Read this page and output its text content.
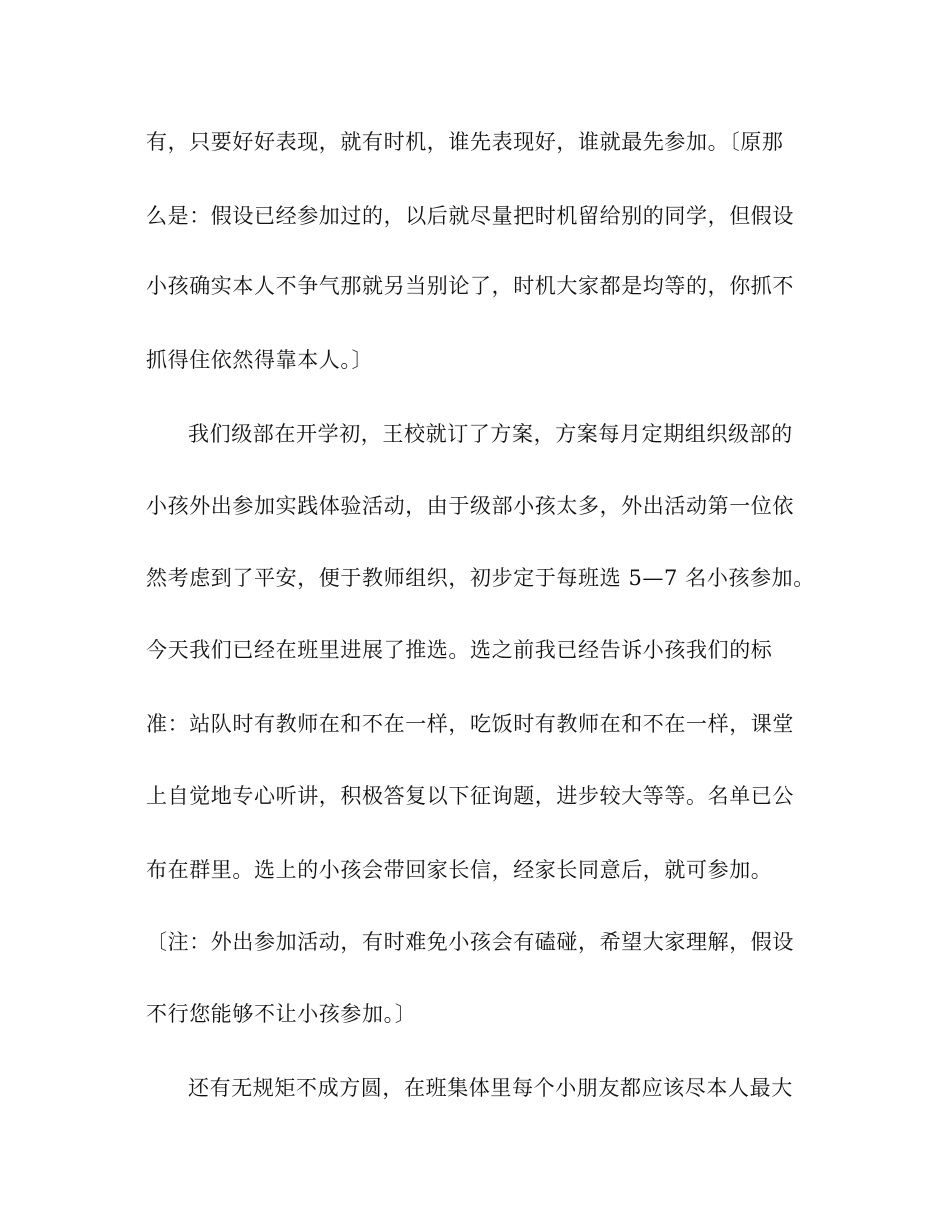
有，只要好好表现，就有时机，谁先表现好，谁就最先参加。〔原那
么是：假设已经参加过的，以后就尽量把时机留给别的同学，但假设
小孩确实本人不争气那就另当别论了，时机大家都是均等的，你抓不
抓得住依然得靠本人。〕
我们级部在开学初，王校就订了方案，方案每月定期组织级部的
小孩外出参加实践体验活动，由于级部小孩太多，外出活动第一位依
然考虑到了平安，便于教师组织，初步定于每班选 5—7 名小孩参加。
今天我们已经在班里进展了推选。选之前我已经告诉小孩我们的标
准：站队时有教师在和不在一样，吃饭时有教师在和不在一样，课堂
上自觉地专心听讲，积极答复以下征询题，进步较大等等。名单已公
布在群里。选上的小孩会带回家长信，经家长同意后，就可参加。
〔注：外出参加活动，有时难免小孩会有磕碰，希望大家理解，假设
不行您能够不让小孩参加。〕
还有无规矩不成方圆，在班集体里每个小朋友都应该尽本人最大
